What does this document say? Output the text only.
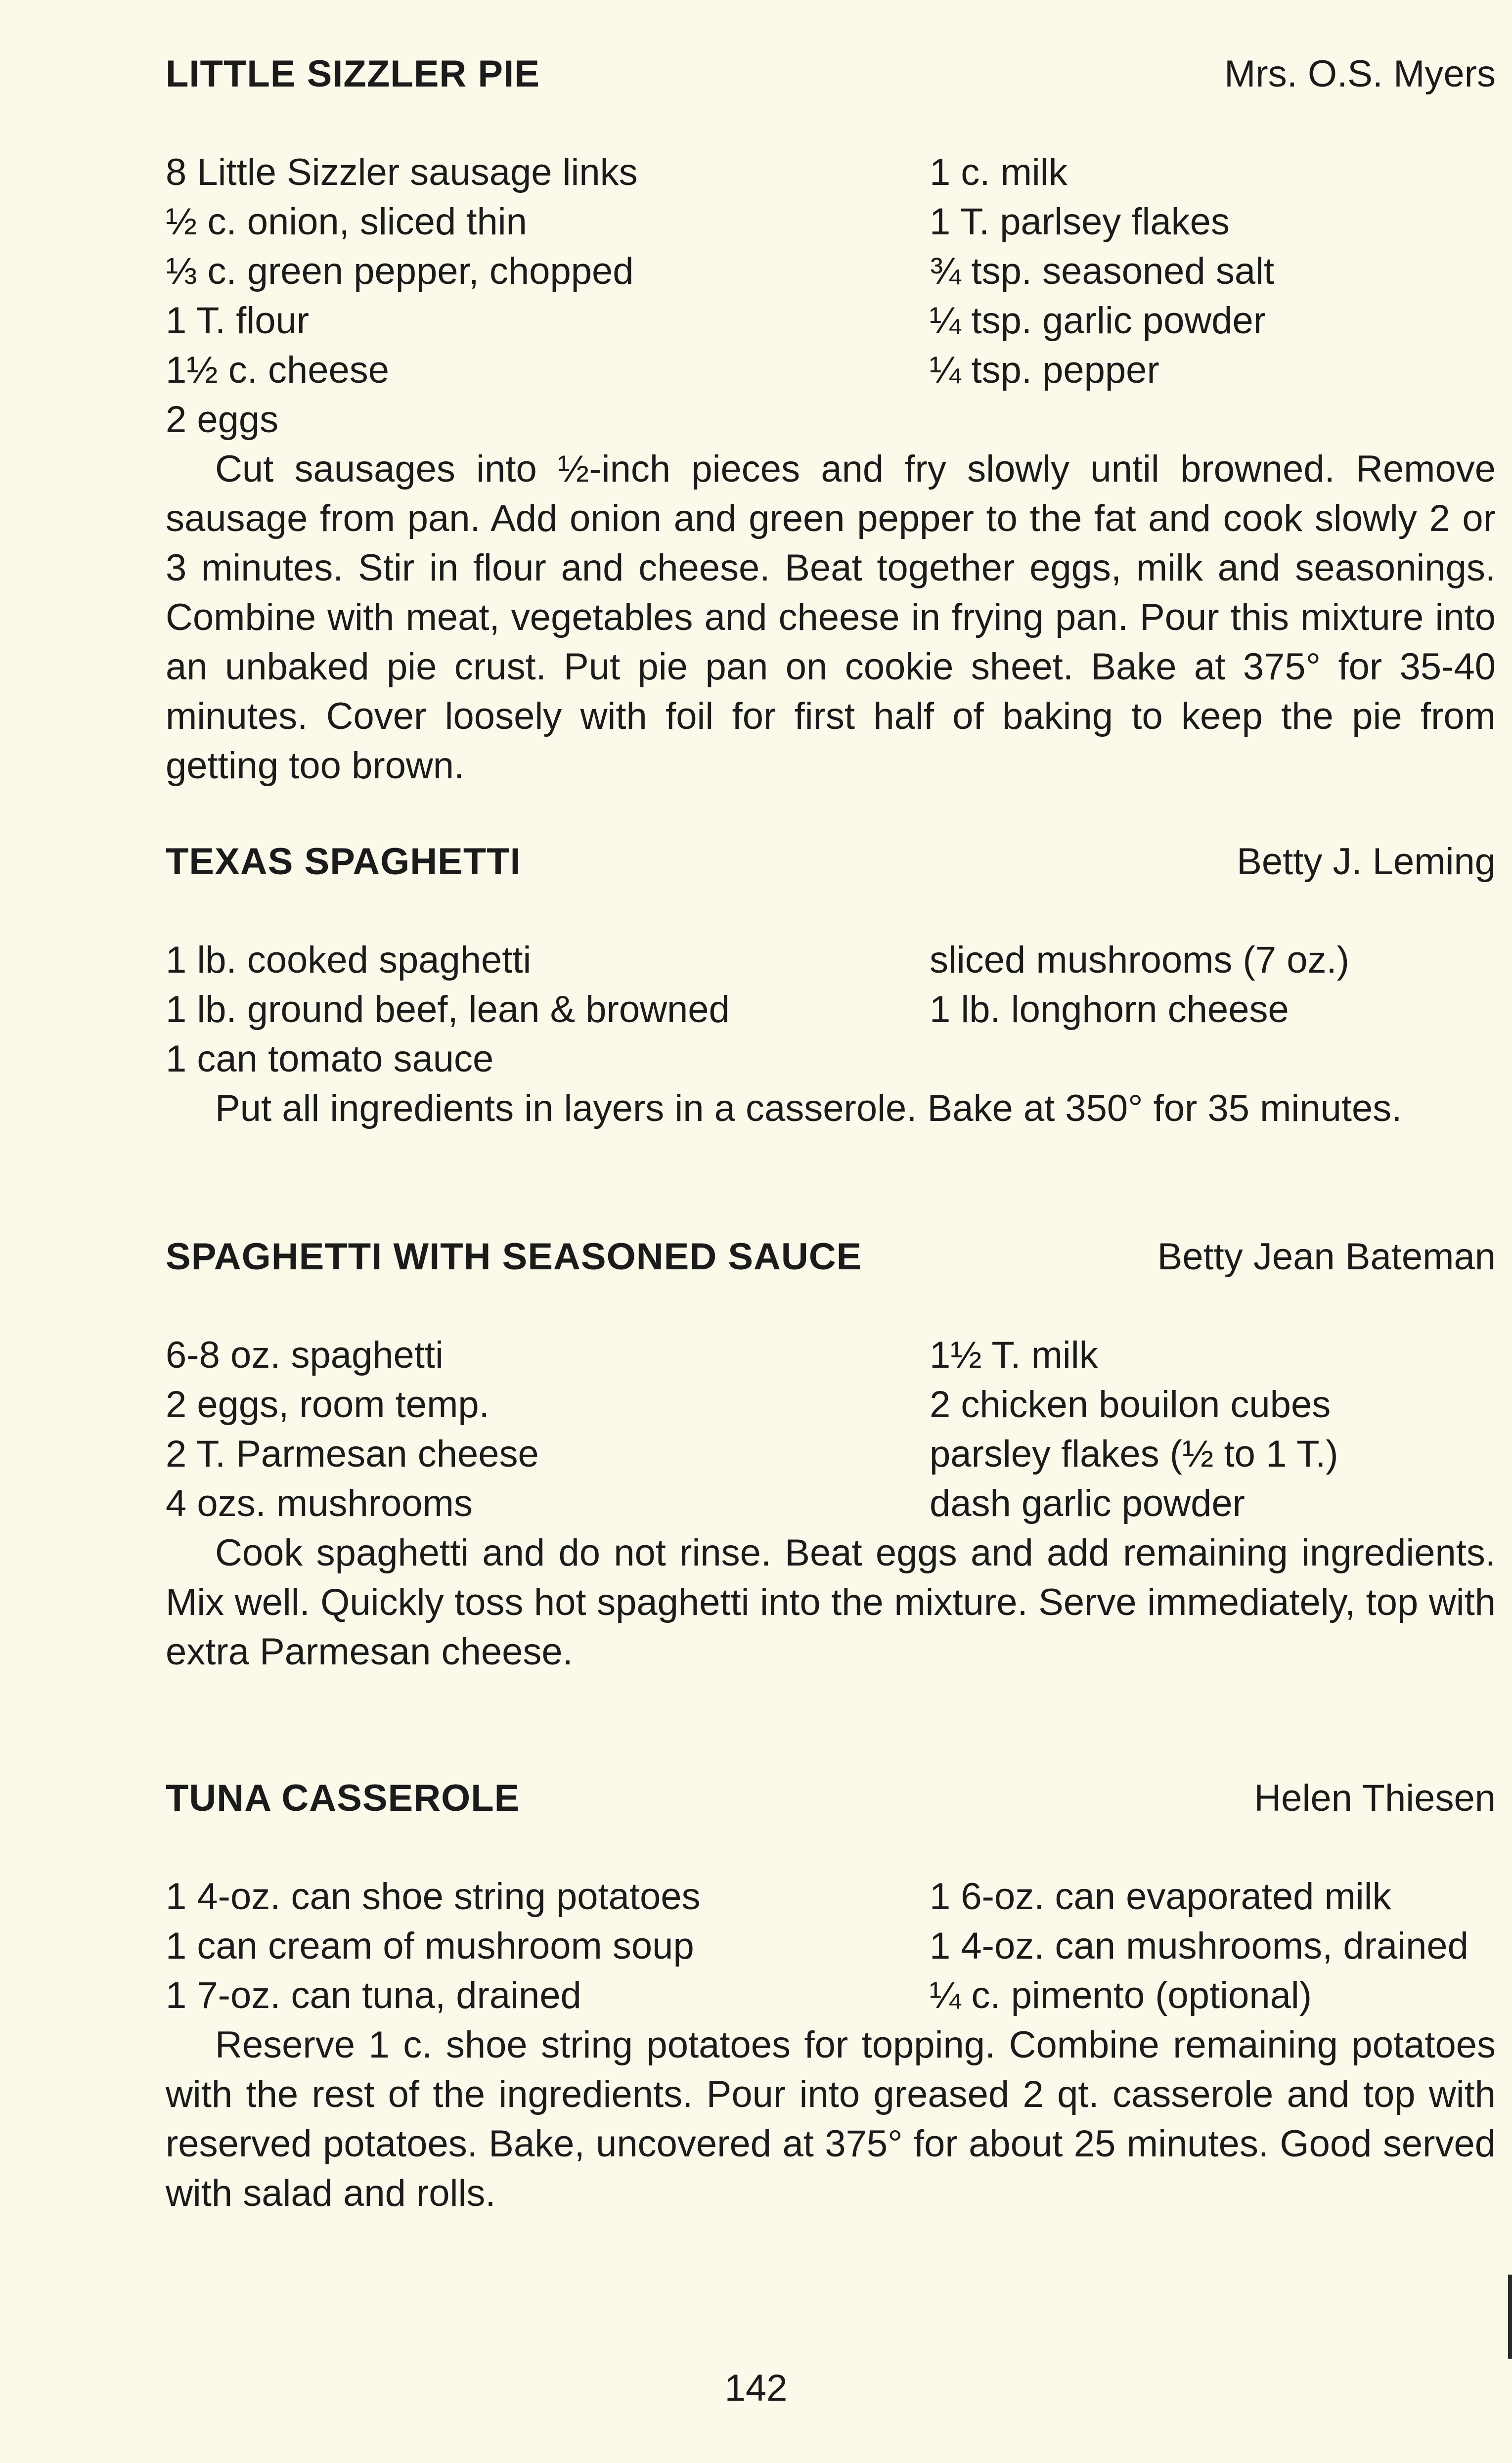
LITTLE SIZZLER PIE	Mrs. O.S. Myers
8 Little Sizzler sausage links	1 c. milk
½ c. onion, sliced thin	1 T. parlsey flakes
⅓ c. green pepper, chopped	¾ tsp. seasoned salt
1 T. flour	¼ tsp. garlic powder
1½ c. cheese	¼ tsp. pepper
2 eggs

Cut sausages into ½-inch pieces and fry slowly until browned. Remove sausage from pan. Add onion and green pepper to the fat and cook slowly 2 or 3 minutes. Stir in flour and cheese. Beat together eggs, milk and seasonings. Combine with meat, vegetables and cheese in frying pan. Pour this mixture into an unbaked pie crust. Put pie pan on cookie sheet. Bake at 375° for 35-40 minutes. Cover loosely with foil for first half of baking to keep the pie from getting too brown.

TEXAS SPAGHETTI	Betty J. Leming
1 lb. cooked spaghetti	sliced mushrooms (7 oz.)
1 lb. ground beef, lean & browned	1 lb. longhorn cheese
1 can tomato sauce

Put all ingredients in layers in a casserole. Bake at 350° for 35 minutes.

SPAGHETTI WITH SEASONED SAUCE	Betty Jean Bateman
6-8 oz. spaghetti	1½ T. milk
2 eggs, room temp.	2 chicken bouilon cubes
2 T. Parmesan cheese	parsley flakes (½ to 1 T.)
4 ozs. mushrooms	dash garlic powder

Cook spaghetti and do not rinse. Beat eggs and add remaining ingredients. Mix well. Quickly toss hot spaghetti into the mixture. Serve immediately, top with extra Parmesan cheese.

TUNA CASSEROLE	Helen Thiesen
1 4-oz. can shoe string potatoes	1 6-oz. can evaporated milk
1 can cream of mushroom soup	1 4-oz. can mushrooms, drained
1 7-oz. can tuna, drained	¼ c. pimento (optional)

Reserve 1 c. shoe string potatoes for topping. Combine remaining potatoes with the rest of the ingredients. Pour into greased 2 qt. casserole and top with reserved potatoes. Bake, uncovered at 375° for about 25 minutes. Good served with salad and rolls.

142
